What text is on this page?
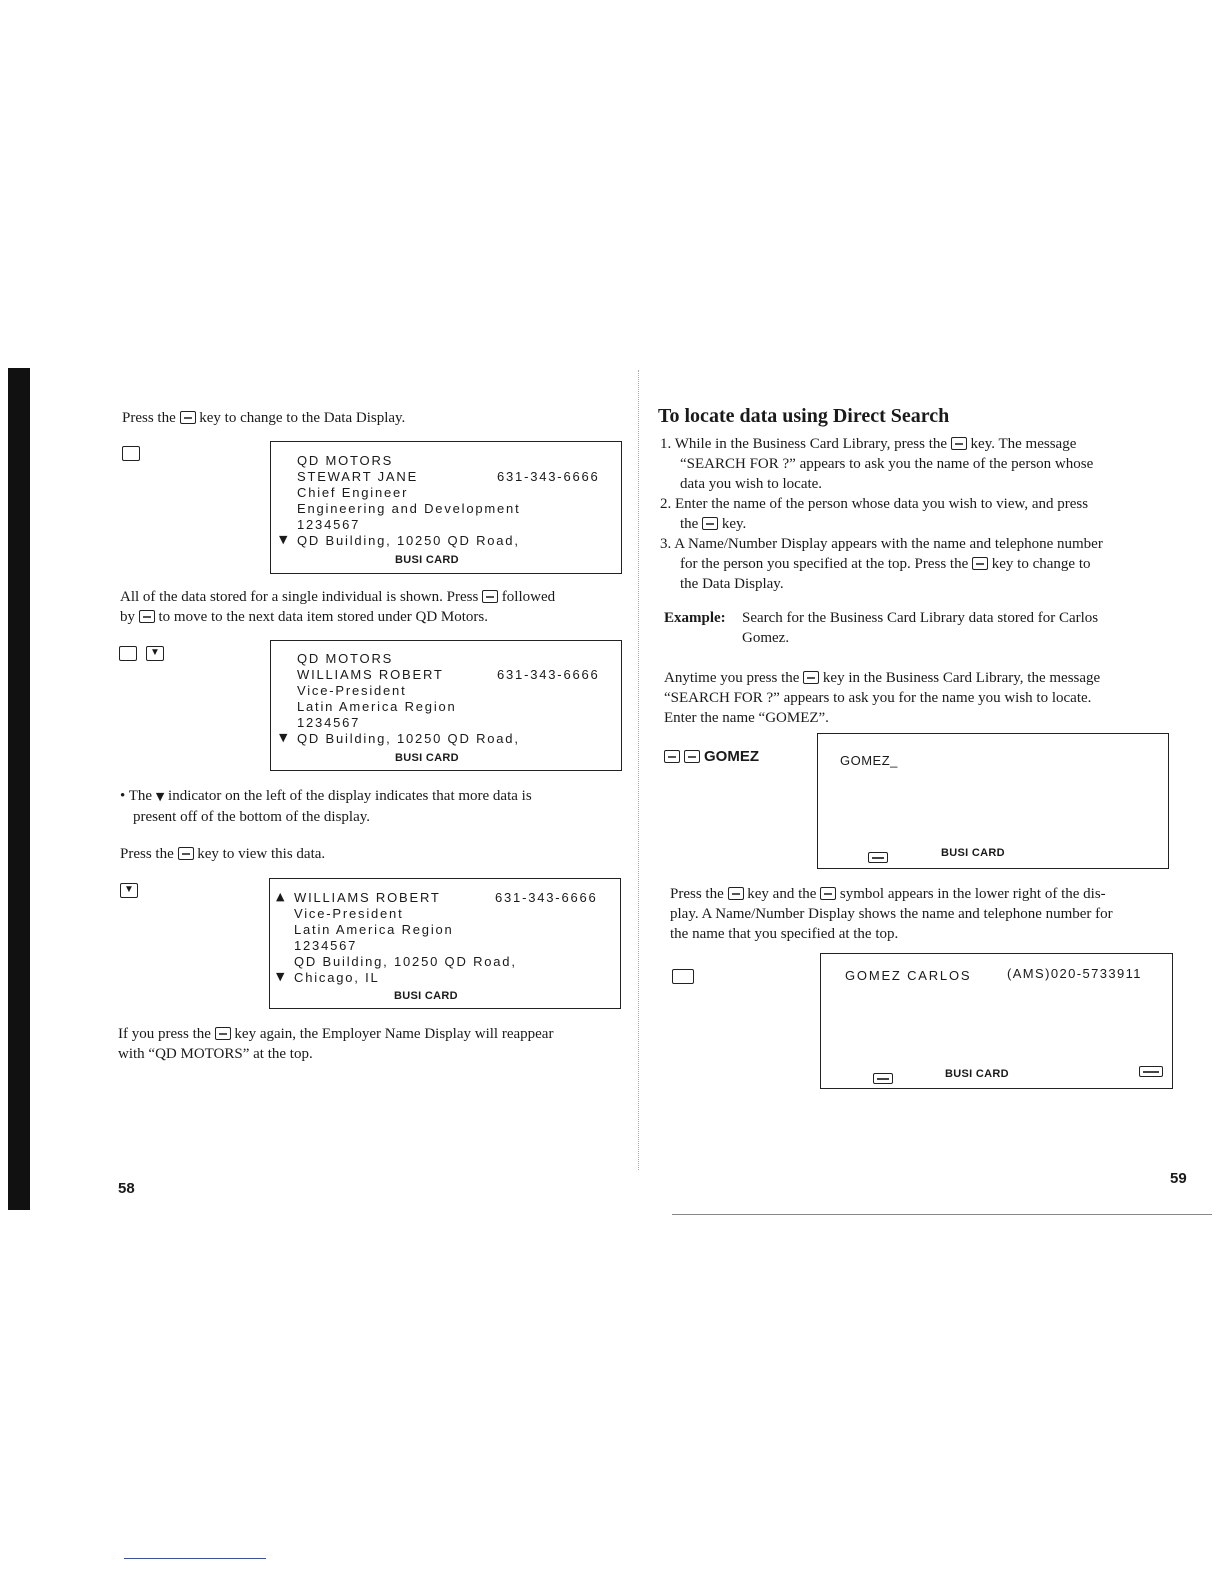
Press the key to change to the Data Display.
QD MOTORS
STEWART JANE	631-343-6666
Chief Engineer
Engineering and Development
1234567
▼ QD Building, 10250 QD Road,
BUSI CARD
All of the data stored for a single individual is shown. Press followed
by to move to the next data item stored under QD Motors.
▼	QD MOTORS
WILLIAMS ROBERT	631-343-6666
Vice-President
Latin America Region
1234567
▼ QD Building, 10250 QD Road,
BUSI CARD
• The ▼ indicator on the left of the display indicates that more data is
present off of the bottom of the display.
Press the key to view this data.
▼
▲ WILLIAMS ROBERT	631-343-6666
Vice-President
Latin America Region
1234567
QD Building, 10250 QD Road,
▼ Chicago, IL
BUSI CARD
If you press the key again, the Employer Name Display will reappear
with “QD MOTORS” at the top.
58
To locate data using Direct Search
1. While in the Business Card Library, press the key. The message
“SEARCH FOR ?” appears to ask you the name of the person whose
data you wish to locate.
2. Enter the name of the person whose data you wish to view, and press
the key.
3. A Name/Number Display appears with the name and telephone number
for the person you specified at the top. Press the key to change to
the Data Display.
Example: Search for the Business Card Library data stored for Carlos
Gomez.
Anytime you press the key in the Business Card Library, the message
“SEARCH FOR ?” appears to ask you for the name you wish to locate.
Enter the name “GOMEZ”.
GOMEZ	GOMEZ_
BUSI CARD
Press the key and the symbol appears in the lower right of the dis-
play. A Name/Number Display shows the name and telephone number for
the name that you specified at the top.
GOMEZ CARLOS	(AMS)020-5733911
BUSI CARD
59
